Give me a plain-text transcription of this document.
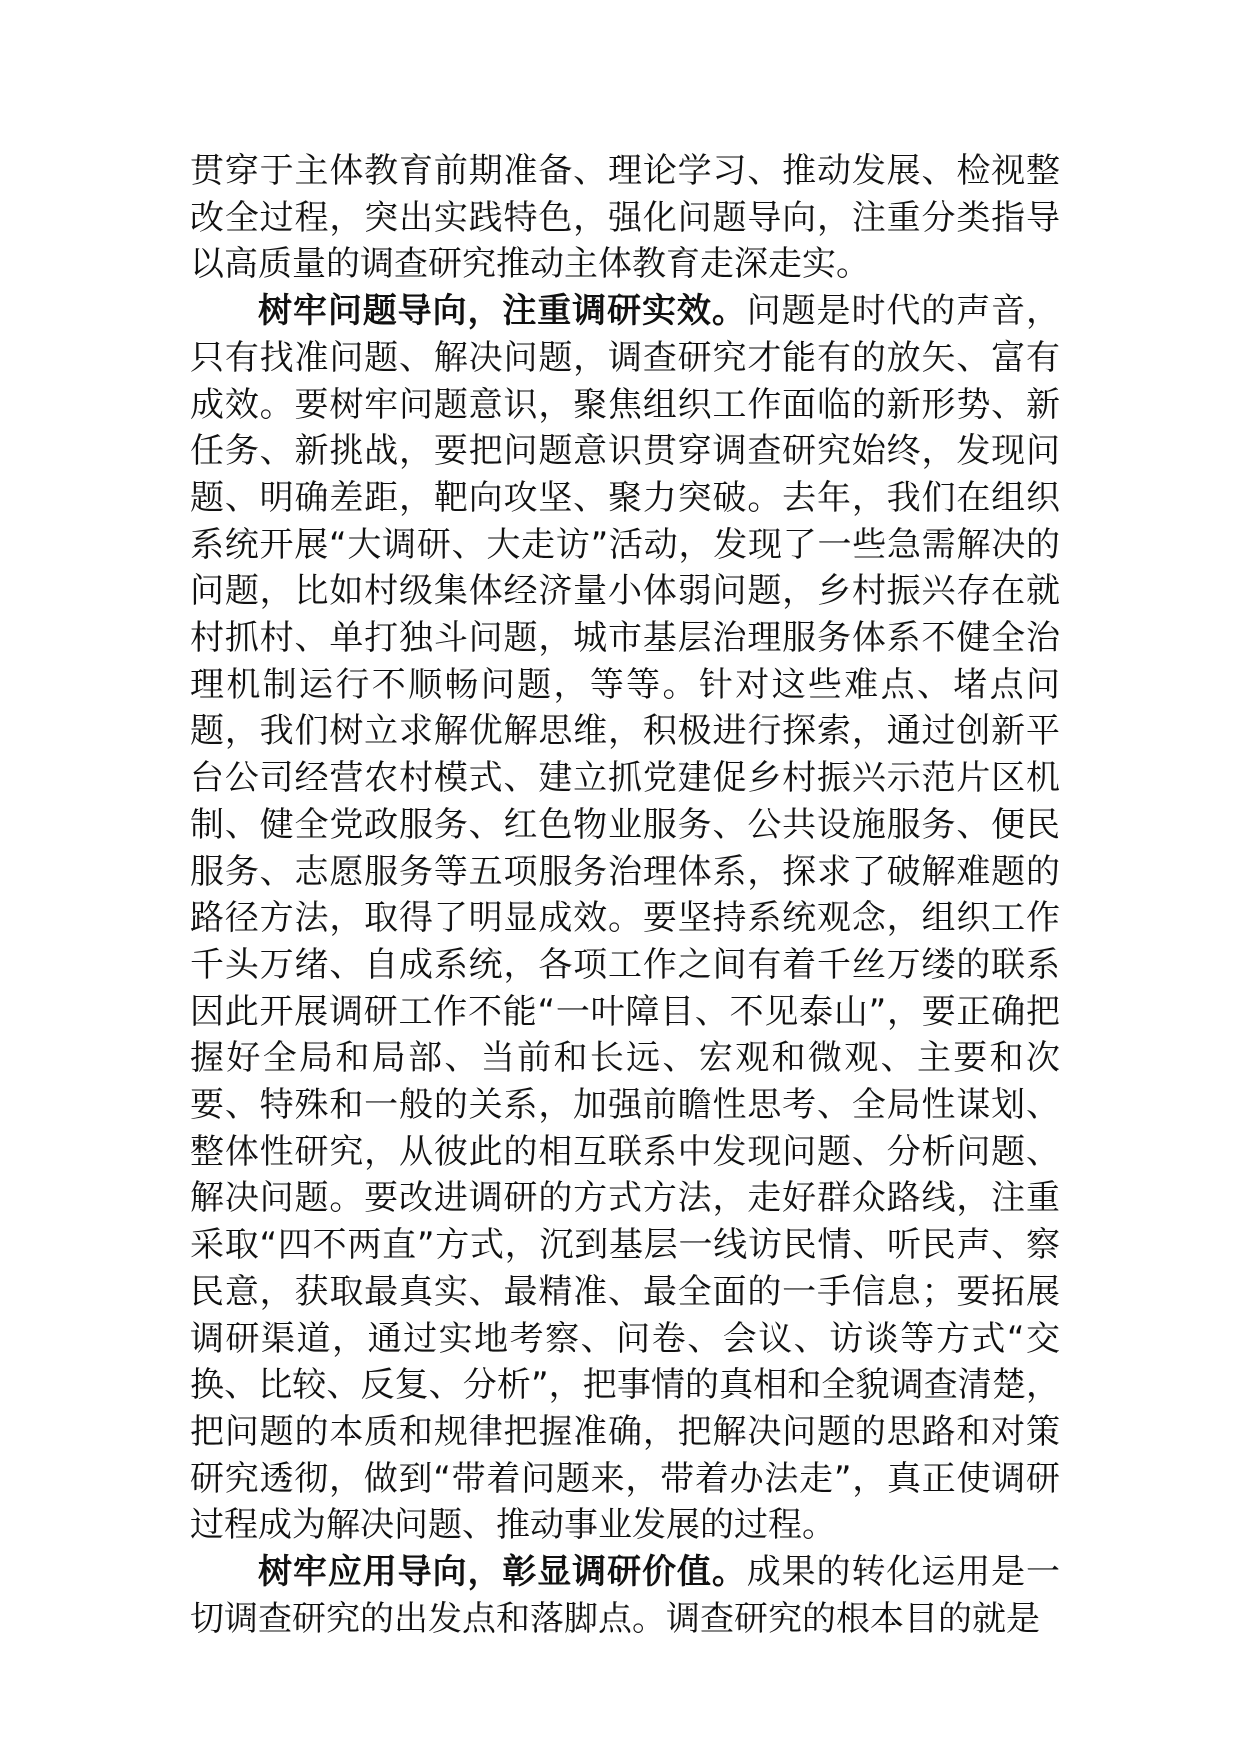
贯穿于主体教育前期准备、理论学习、推动发展、检视整改全过程，突出实践特色，强化问题导向，注重分类指导以高质量的调查研究推动主体教育走深走实。

树牢问题导向，注重调研实效。问题是时代的声音，只有找准问题、解决问题，调查研究才能有的放矢、富有成效。要树牢问题意识，聚焦组织工作面临的新形势、新任务、新挑战，要把问题意识贯穿调查研究始终，发现问题、明确差距，靶向攻坚、聚力突破。去年，我们在组织系统开展“大调研、大走访”活动，发现了一些急需解决的问题，比如村级集体经济量小体弱问题，乡村振兴存在就村抓村、单打独斗问题，城市基层治理服务体系不健全治理机制运行不顺畅问题，等等。针对这些难点、堵点问题，我们树立求解优解思维，积极进行探索，通过创新平台公司经营农村模式、建立抓党建促乡村振兴示范片区机制、健全党政服务、红色物业服务、公共设施服务、便民服务、志愿服务等五项服务治理体系，探求了破解难题的路径方法，取得了明显成效。要坚持系统观念，组织工作千头万绪、自成系统，各项工作之间有着千丝万缕的联系因此开展调研工作不能“一叶障目、不见泰山”，要正确把握好全局和局部、当前和长远、宏观和微观、主要和次要、特殊和一般的关系，加强前瞻性思考、全局性谋划、整体性研究，从彼此的相互联系中发现问题、分析问题、解决问题。要改进调研的方式方法，走好群众路线，注重采取“四不两直”方式，沉到基层一线访民情、听民声、察民意，获取最真实、最精准、最全面的一手信息；要拓展调研渠道，通过实地考察、问卷、会议、访谈等方式“交换、比较、反复、分析”，把事情的真相和全貌调查清楚，把问题的本质和规律把握准确，把解决问题的思路和对策研究透彻，做到“带着问题来，带着办法走”，真正使调研过程成为解决问题、推动事业发展的过程。

树牢应用导向，彰显调研价值。成果的转化运用是一切调查研究的出发点和落脚点。调查研究的根本目的就是
